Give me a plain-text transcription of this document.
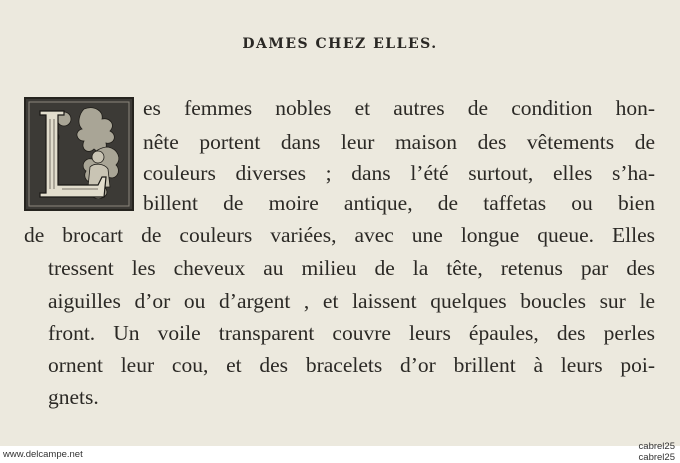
DAMES CHEZ ELLES.
es femmes nobles et autres de condition hon-
nête portent dans leur maison des vêtements de
couleurs diverses ; dans l’été surtout, elles s’ha-
billent de moire antique, de taffetas ou bien
de brocart de couleurs variées, avec une longue queue. Elles
tressent les cheveux au milieu de la tête, retenus par des
aiguilles d’or ou d’argent , et laissent quelques boucles sur le
front. Un voile transparent couvre leurs épaules, des perles
ornent leur cou, et des bracelets d’or brillent à leurs poi-
gnets.
www.delcampe.net
cabrel25
cabrel25
